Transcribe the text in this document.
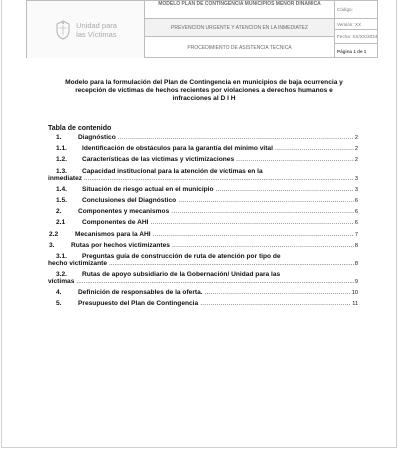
Unidad para
las Víctimas
MODELO PLAN DE CONTINGENCIA MUNICIPIOS MENOR DINAMICA
PREVENCION URGENTE Y ATENCION EN LA INMEDIATEZ
PROCEDIMIENTO DE ASISTENCIA TECNICA
Código:
Versión: XX
Fecha: XX/XX/2024
Página 1 de 1
Modelo para la formulación del Plan de Contingencia en municipios de baja ocurrencia y recepción de víctimas de hechos recientes por violaciones a derechos humanos e infracciones al D I H
Tabla de contenido
1.	Diagnóstico .....	2
1.1.	Identificación de obstáculos para la garantía del mínimo vital .....	2
1.2.	Características de las víctimas y victimizaciones .....	2
1.3. Capacidad institucional para la atención de víctimas en la
inmediatez .....	3
1.4.	Situación de riesgo actual en el municipio .....	3
1.5.	Conclusiones del Diagnóstico .....	6
2.	Componentes y mecanismos .....	6
2.1	Componentes de AHI .....	6
2.2	Mecanismos para la AHI .....	7
3.	Rutas por hechos victimizantes .....	8
3.1. Preguntas guía de construcción de ruta de atención por tipo de
hecho victimizante .....	8
3.2. Rutas de apoyo subsidiario de la Gobernación/ Unidad para las
víctimas .....	9
4.	Definición de responsables de la oferta. .....	10
5.	Presupuesto del Plan de Contingencia .....	11
